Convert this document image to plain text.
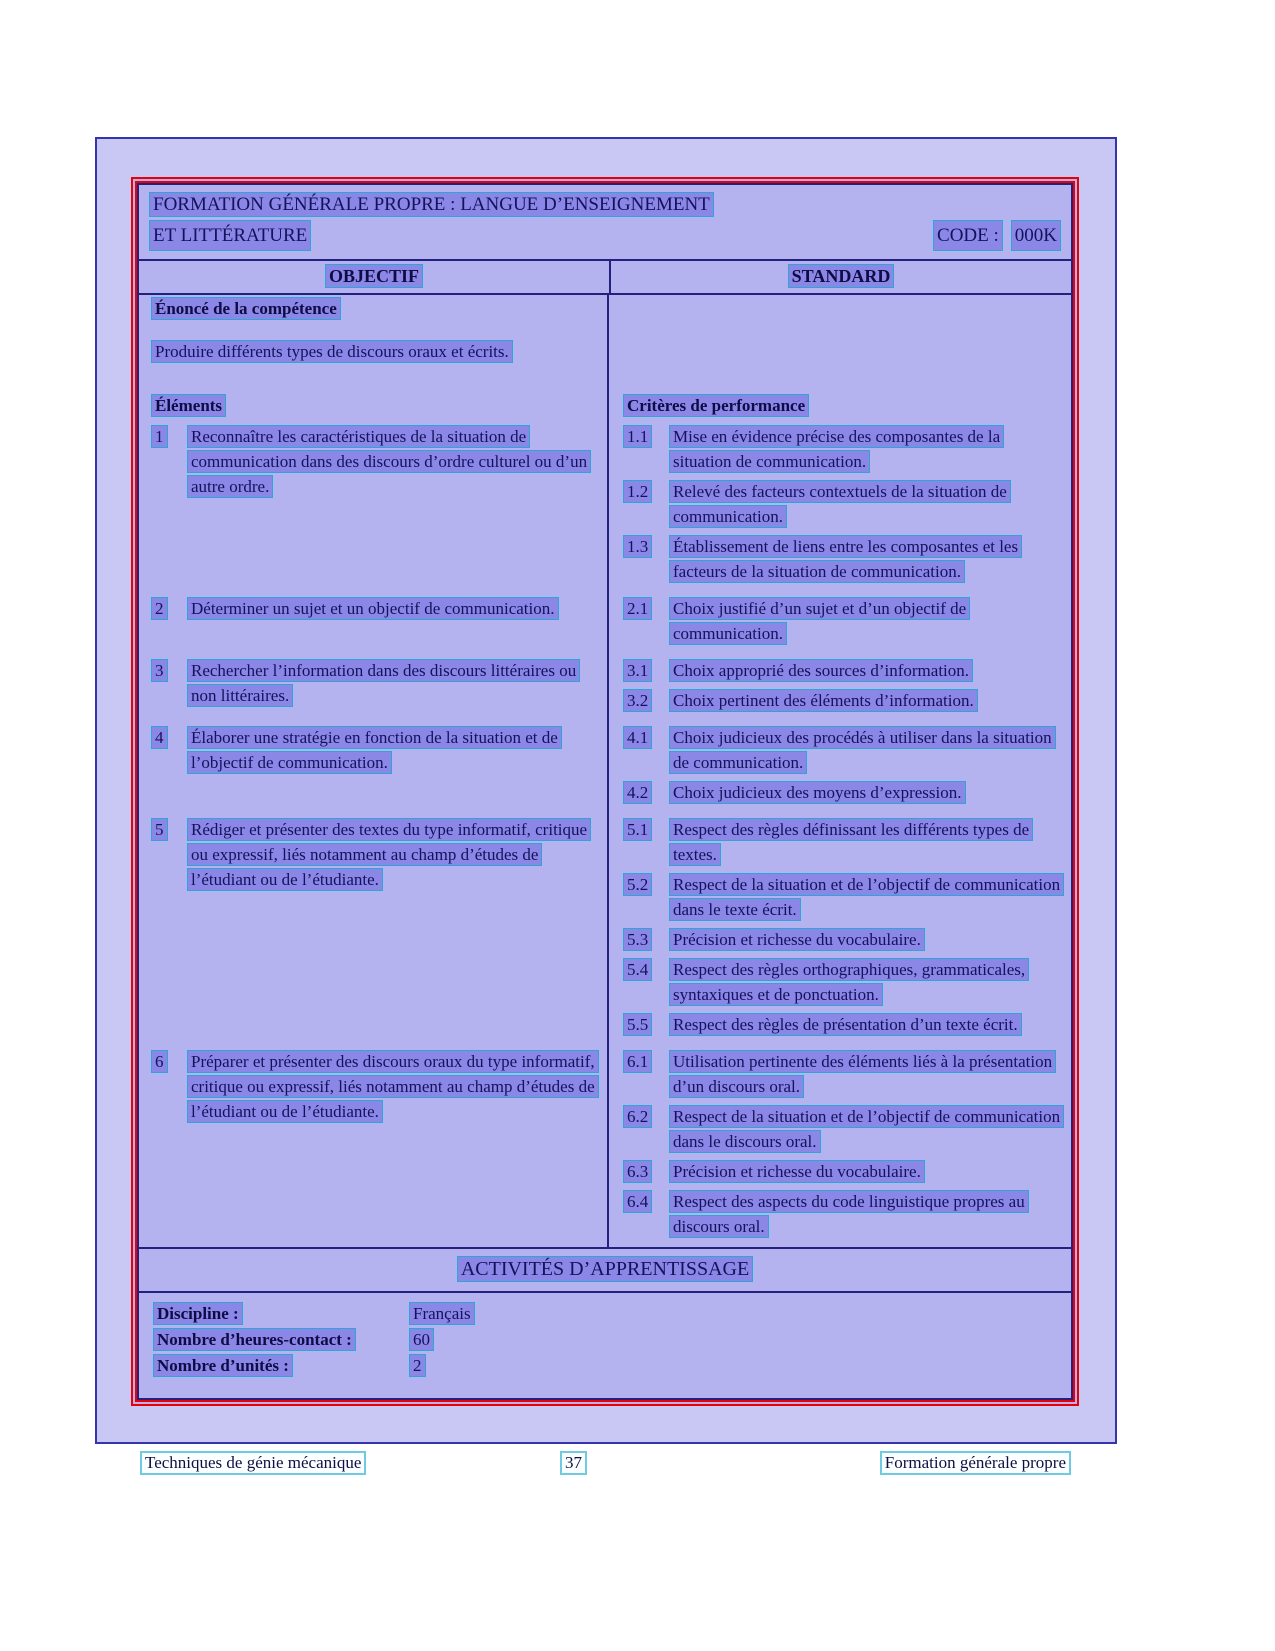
FORMATION GÉNÉRALE PROPRE : LANGUE D’ENSEIGNEMENT
ET LITTÉRATURE	CODE : 000K
OBJECTIF	STANDARD
Énoncé de la compétence
Produire différents types de discours oraux et écrits.
Éléments	Critères de performance
1	Reconnaître les caractéristiques de la situation de communication dans des discours d’ordre culturel ou d’un autre ordre.
1.1	Mise en évidence précise des composantes de la situation de communication.
1.2	Relevé des facteurs contextuels de la situation de communication.
1.3	Établissement de liens entre les composantes et les facteurs de la situation de communication.
2	Déterminer un sujet et un objectif de communication.	2.1	Choix justifié d’un sujet et d’un objectif de communication.
3	Rechercher l’information dans des discours littéraires ou non littéraires.
3.1	Choix approprié des sources d’information.
3.2	Choix pertinent des éléments d’information.
4	Élaborer une stratégie en fonction de la situation et de l’objectif de communication.
4.1	Choix judicieux des procédés à utiliser dans la situation de communication.
4.2	Choix judicieux des moyens d’expression.
5	Rédiger et présenter des textes du type informatif, critique ou expressif, liés notamment au champ d’études de l’étudiant ou de l’étudiante.
5.1	Respect des règles définissant les différents types de textes.
5.2	Respect de la situation et de l’objectif de communication dans le texte écrit.
5.3	Précision et richesse du vocabulaire.
5.4	Respect des règles orthographiques, grammaticales, syntaxiques et de ponctuation.
5.5	Respect des règles de présentation d’un texte écrit.
6	Préparer et présenter des discours oraux du type informatif, critique ou expressif, liés notamment au champ d’études de l’étudiant ou de l’étudiante.
6.1	Utilisation pertinente des éléments liés à la présentation d’un discours oral.
6.2	Respect de la situation et de l’objectif de communication dans le discours oral.
6.3	Précision et richesse du vocabulaire.
6.4	Respect des aspects du code linguistique propres au discours oral.
ACTIVITÉS D’APPRENTISSAGE
Discipline :	Français
Nombre d’heures-contact :	60
Nombre d’unités :	2
Techniques de génie mécanique	37	Formation générale propre
